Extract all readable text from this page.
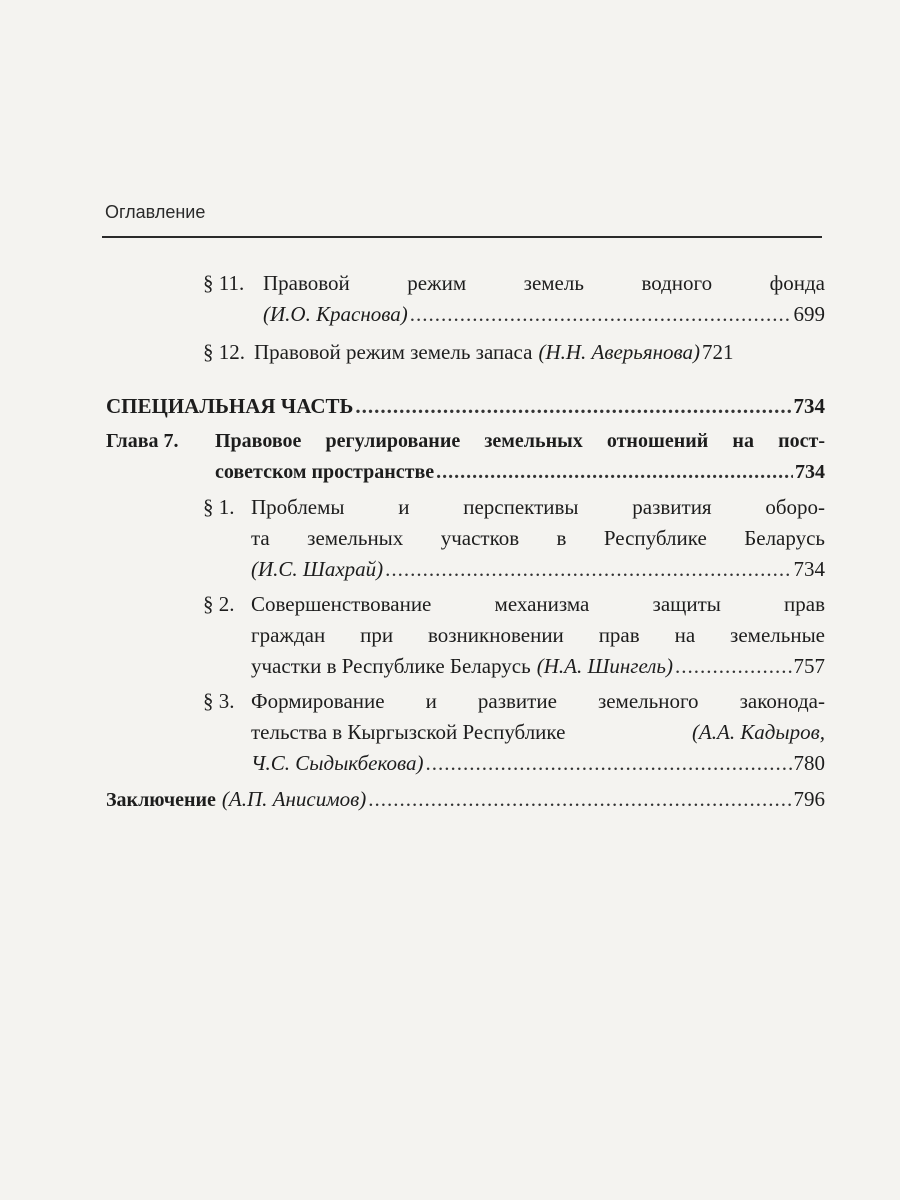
Оглавление
§ 11. Правовой режим земель водного фонда
(И.О. Краснова) .....	699
§ 12. Правовой режим земель запаса (Н.Н. Аверьянова) 721
СПЕЦИАЛЬНАЯ ЧАСТЬ .....	734
Глава 7. Правовое регулирование земельных отношений на пост-
советском пространстве .....	734
§ 1. Проблемы и перспективы развития оборо-
та земельных участков в Республике Беларусь
(И.С. Шахрай) .....	734
§ 2. Совершенствование механизма защиты прав
граждан при возникновении прав на земельные
участки в Республике Беларусь (Н.А. Шингель) .....	757
§ 3. Формирование и развитие земельного законода-
тельства в Кыргызской Республике	(А.А. Кадыров,
Ч.С. Сыдыкбекова) .....	780
Заключение (А.П. Анисимов) .....	796
